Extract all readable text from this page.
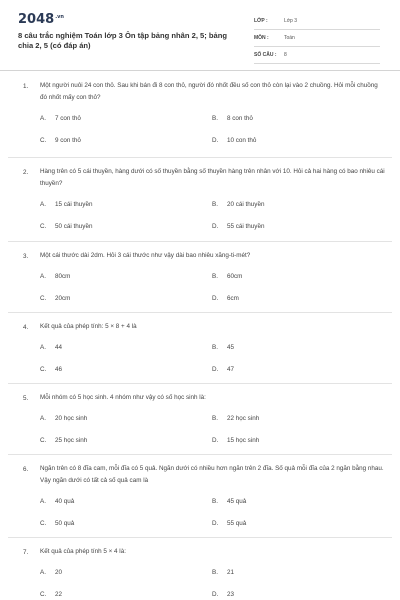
$2048^{.vn}$
8 câu trắc nghiệm Toán lớp 3 Ôn tập bảng nhân 2, 5; bảng chia 2, 5 (có đáp án)
LỚP :	Lớp 3
MÔN :	Toán
SỐ CÂU : 8
1. Một người nuôi 24 con thỏ. Sau khi bán đi 8 con thỏ, người đó nhốt đều số con thỏ còn lại vào 2 chuồng. Hỏi mỗi chuồng đó nhốt mấy con thỏ?
A. 7 con thỏ	B. 8 con thỏ
C. 9 con thỏ	D. 10 con thỏ
2. Hàng trên có 5 cái thuyền, hàng dưới có số thuyền bằng số thuyền hàng trên nhân với 10. Hỏi cả hai hàng có bao nhiêu cái thuyền?
A. 15 cái thuyền	B. 20 cái thuyền
C. 50 cái thuyền	D. 55 cái thuyền
3. Một cái thước dài 2dm. Hỏi 3 cái thước như vậy dài bao nhiêu xăng-ti-mét?
A. 80cm	B. 60cm
C. 20cm	D. 6cm
4. Kết quả của phép tính: 5 × 8 + 4 là
A. 44	B. 45
C. 46	D. 47
5. Mỗi nhóm có 5 học sinh. 4 nhóm như vậy có số học sinh là:
A. 20 học sinh	B. 22 học sinh
C. 25 học sinh	D. 15 học sinh
6. Ngăn trên có 8 đĩa cam, mỗi đĩa có 5 quả. Ngăn dưới có nhiều hơn ngăn trên 2 đĩa. Số quả mỗi đĩa của 2 ngăn bằng nhau. Vậy ngăn dưới có tất cả số quả cam là
A. 40 quả	B. 45 quả
C. 50 quả	D. 55 quả
7. Kết quả của phép tính 5 × 4 là:
A. 20	B. 21
C. 22	D. 23
